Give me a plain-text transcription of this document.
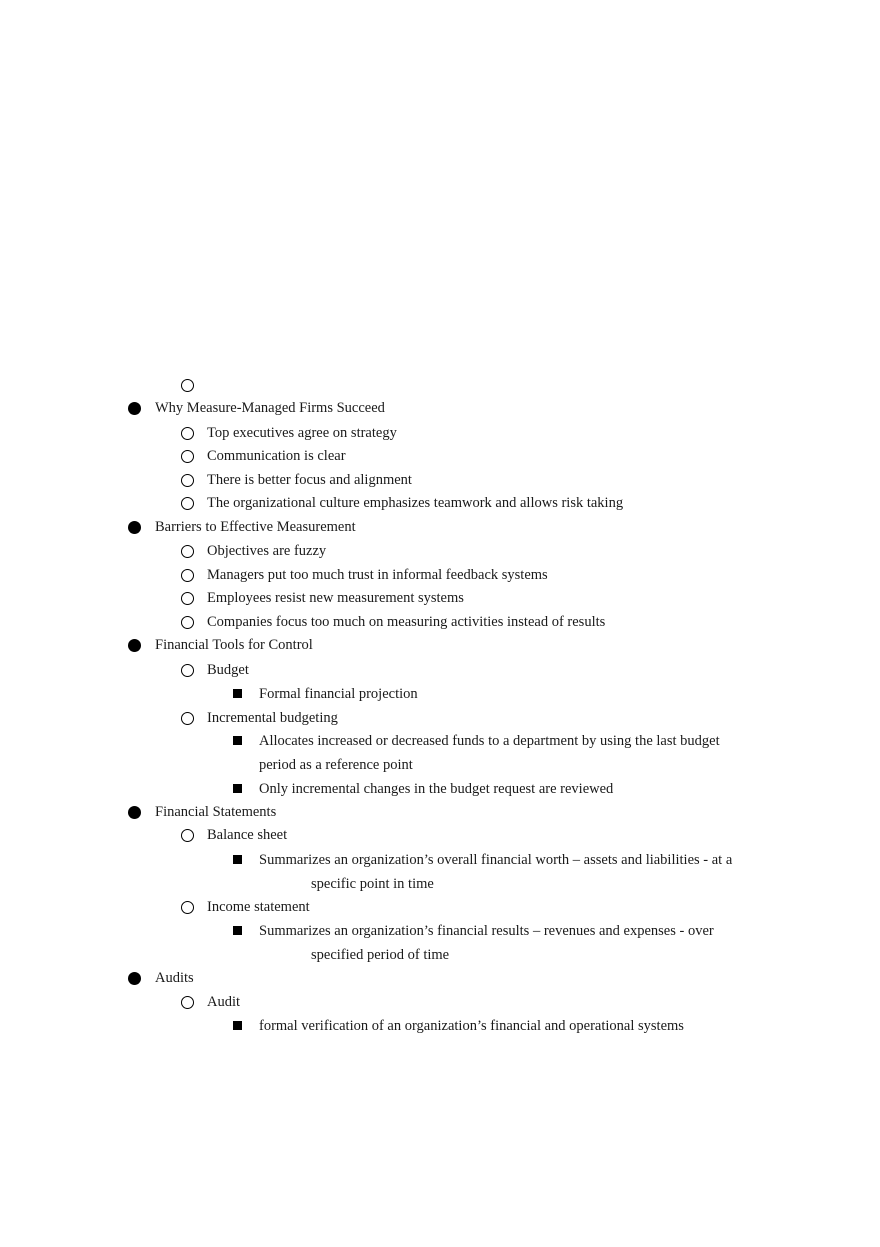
Why Measure-Managed Firms Succeed
Top executives agree on strategy
Communication is clear
There is better focus and alignment
The organizational culture emphasizes teamwork and allows risk taking
Barriers to Effective Measurement
Objectives are fuzzy
Managers put too much trust in informal feedback systems
Employees resist new measurement systems
Companies focus too much on measuring activities instead of results
Financial Tools for Control
Budget
Formal financial projection
Incremental budgeting
Allocates increased or decreased funds to a department by using the last budget
period as a reference point
Only incremental changes in the budget request are reviewed
Financial Statements
Balance sheet
Summarizes an organization’s overall financial worth – assets and liabilities - at a
specific point in time
Income statement
Summarizes an organization’s financial results – revenues and expenses - over
specified period of time
Audits
Audit
formal verification of an organization’s financial and operational systems
